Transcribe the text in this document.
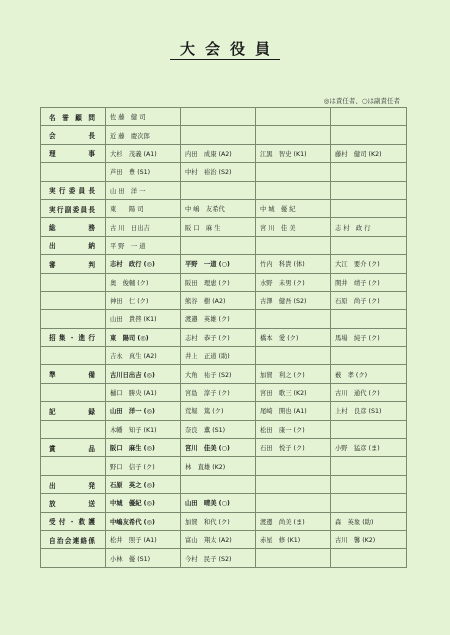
大会役員
◎は責任者、○は副責任者
名誉顧問	佐 藤　健 司			
会　　長	近 藤　慶次郎			
理　　事	大杉　茂義 (A1)	内田　成康 (A2)	江黒　智史 (K1)	藤村　健司 (K2)
	芦田　豊 (S1)	中村　裕治 (S2)		
実行委員長	山 田　洋 一			
実行副委員長	東　　陽 司	中 嶋　友希代	中 城　優 紀	
総　　務	古 川　日出吉	阪 口　麻 生	宮 川　佳 美	志 村　政 行
出　　納	平 野　一 道			
審　　判	志村　政行 (◎)	平野　一道 (○)	竹内　科貴 (体)	大江　要介 (ク)
	奥　俊輔 (ク)	阪田　理恵 (ク)	水野　未男 (ク)	関井　靖子 (ク)
	神田　仁 (ク)	熊谷　樹 (A2)	古澤　健吾 (S2)	石原　尚子 (ク)
	山田　貴啓 (K1)	渡邉　英雄 (ク)		
招集・進行	東　陽司 (◎)	志村　恭子 (ク)	橋本　愛 (ク)	馬場　純子 (ク)
	吉永　真生 (A2)	井上　正道 (助)		
準　　備	古川日出吉 (◎)	大角　祐子 (S2)	加賀　利之 (ク)	薮　孝 (ク)
	樋口　勝央 (A1)	宮島　淳子 (ク)	宮田　歌三 (K2)	古川　通代 (ク)
記　　録	山田　洋一 (◎)	荒堀　篤 (ク)	尾崎　開也 (A1)	上村　良彦 (S1)
	木幡　知子 (K1)	奈良　薫 (S1)	松田　康一 (ク)	
賞　　品	阪口　麻生 (◎)	宮川　佳美 (○)	石田　悦子 (ク)	小野　猛彦 (ま)
	野口　信子 (ク)	林　直雄 (K2)		
出　　発	石原　英之 (◎)			
放　　送	中城　優紀 (◎)	山田　晴美 (○)		
受付・救護	中嶋友希代 (◎)	加賀　和代 (ク)	渡邊　尚美 (ま)	森　英象 (助)
自治会連絡係	松井　照子 (A1)	富山　翔太 (A2)	赤星　修 (K1)	古川　馨 (K2)
	小林　優 (S1)	今村　民子 (S2)		
